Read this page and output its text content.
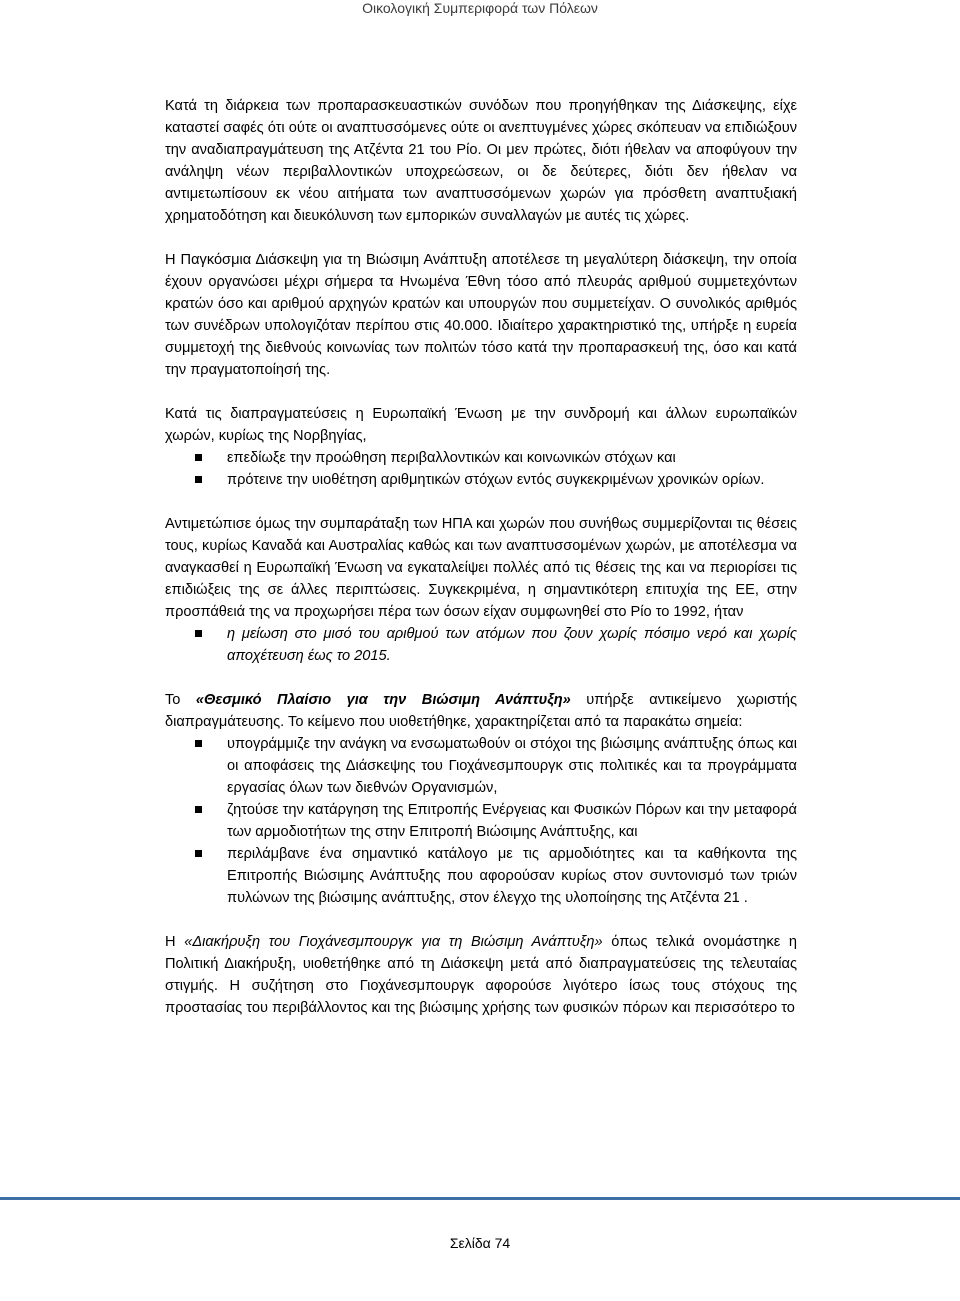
Οικολογική Συμπεριφορά των Πόλεων

Κατά τη διάρκεια των προπαρασκευαστικών συνόδων που προηγήθηκαν της Διάσκεψης, είχε καταστεί σαφές ότι ούτε οι αναπτυσσόμενες ούτε οι ανεπτυγμένες χώρες σκόπευαν να επιδιώξουν την αναδιαπραγμάτευση της Ατζέντα 21 του Ρίο. Οι μεν πρώτες, διότι ήθελαν να αποφύγουν την ανάληψη νέων περιβαλλοντικών υποχρεώσεων, οι δε δεύτερες, διότι δεν ήθελαν να αντιμετωπίσουν εκ νέου αιτήματα των αναπτυσσόμενων χωρών για πρόσθετη αναπτυξιακή χρηματοδότηση και διευκόλυνση των εμπορικών συναλλαγών με αυτές τις χώρες.

Η Παγκόσμια Διάσκεψη για τη Βιώσιμη Ανάπτυξη αποτέλεσε τη μεγαλύτερη διάσκεψη, την οποία έχουν οργανώσει μέχρι σήμερα τα Ηνωμένα Έθνη τόσο από πλευράς αριθμού συμμετεχόντων κρατών όσο και αριθμού αρχηγών κρατών και υπουργών που συμμετείχαν. Ο συνολικός αριθμός των συνέδρων υπολογιζόταν περίπου στις 40.000. Ιδιαίτερο χαρακτηριστικό της, υπήρξε η ευρεία συμμετοχή της διεθνούς κοινωνίας των πολιτών τόσο κατά την προπαρασκευή της, όσο και κατά την πραγματοποίησή της.

Κατά τις διαπραγματεύσεις η Ευρωπαϊκή Ένωση με την συνδρομή και άλλων ευρωπαϊκών χωρών, κυρίως της Νορβηγίας,

επεδίωξε την προώθηση περιβαλλοντικών και κοινωνικών στόχων και
πρότεινε την υιοθέτηση αριθμητικών στόχων εντός συγκεκριμένων χρονικών ορίων.

Αντιμετώπισε όμως την συμπαράταξη των ΗΠΑ και χωρών που συνήθως συμμερίζονται τις θέσεις τους, κυρίως Καναδά και Αυστραλίας καθώς και των αναπτυσσομένων χωρών, με αποτέλεσμα να αναγκασθεί η Ευρωπαϊκή Ένωση να εγκαταλείψει πολλές από τις θέσεις της και να περιορίσει τις επιδιώξεις της σε άλλες περιπτώσεις. Συγκεκριμένα, η σημαντικότερη επιτυχία της ΕΕ, στην προσπάθειά της να προχωρήσει πέρα των όσων είχαν συμφωνηθεί στο Ρίο το 1992, ήταν

η μείωση στο μισό του αριθμού των ατόμων που ζουν χωρίς πόσιμο νερό και χωρίς αποχέτευση έως το 2015.

Το «Θεσμικό Πλαίσιο για την Βιώσιμη Ανάπτυξη» υπήρξε αντικείμενο χωριστής διαπραγμάτευσης. Το κείμενο που υιοθετήθηκε, χαρακτηρίζεται από τα παρακάτω σημεία:

υπογράμμιζε την ανάγκη να ενσωματωθούν οι στόχοι της βιώσιμης ανάπτυξης όπως και οι αποφάσεις της Διάσκεψης του Γιοχάνεσμπουργκ στις πολιτικές και τα προγράμματα εργασίας όλων των διεθνών Οργανισμών,
ζητούσε την κατάργηση της Επιτροπής Ενέργειας και Φυσικών Πόρων και την μεταφορά των αρμοδιοτήτων της στην Επιτροπή Βιώσιμης Ανάπτυξης, και
περιλάμβανε ένα σημαντικό κατάλογο με τις αρμοδιότητες και τα καθήκοντα της Επιτροπής Βιώσιμης Ανάπτυξης που αφορούσαν κυρίως στον συντονισμό των τριών πυλώνων της βιώσιμης ανάπτυξης, στον έλεγχο της υλοποίησης της Ατζέντα 21 .

Η «Διακήρυξη του Γιοχάνεσμπουργκ για τη Βιώσιμη Ανάπτυξη» όπως τελικά ονομάστηκε η Πολιτική Διακήρυξη, υιοθετήθηκε από τη Διάσκεψη μετά από διαπραγματεύσεις της τελευταίας στιγμής. Η συζήτηση στο Γιοχάνεσμπουργκ αφορούσε λιγότερο ίσως τους στόχους της προστασίας του περιβάλλοντος και της βιώσιμης χρήσης των φυσικών πόρων και περισσότερο το

Σελίδα 74
